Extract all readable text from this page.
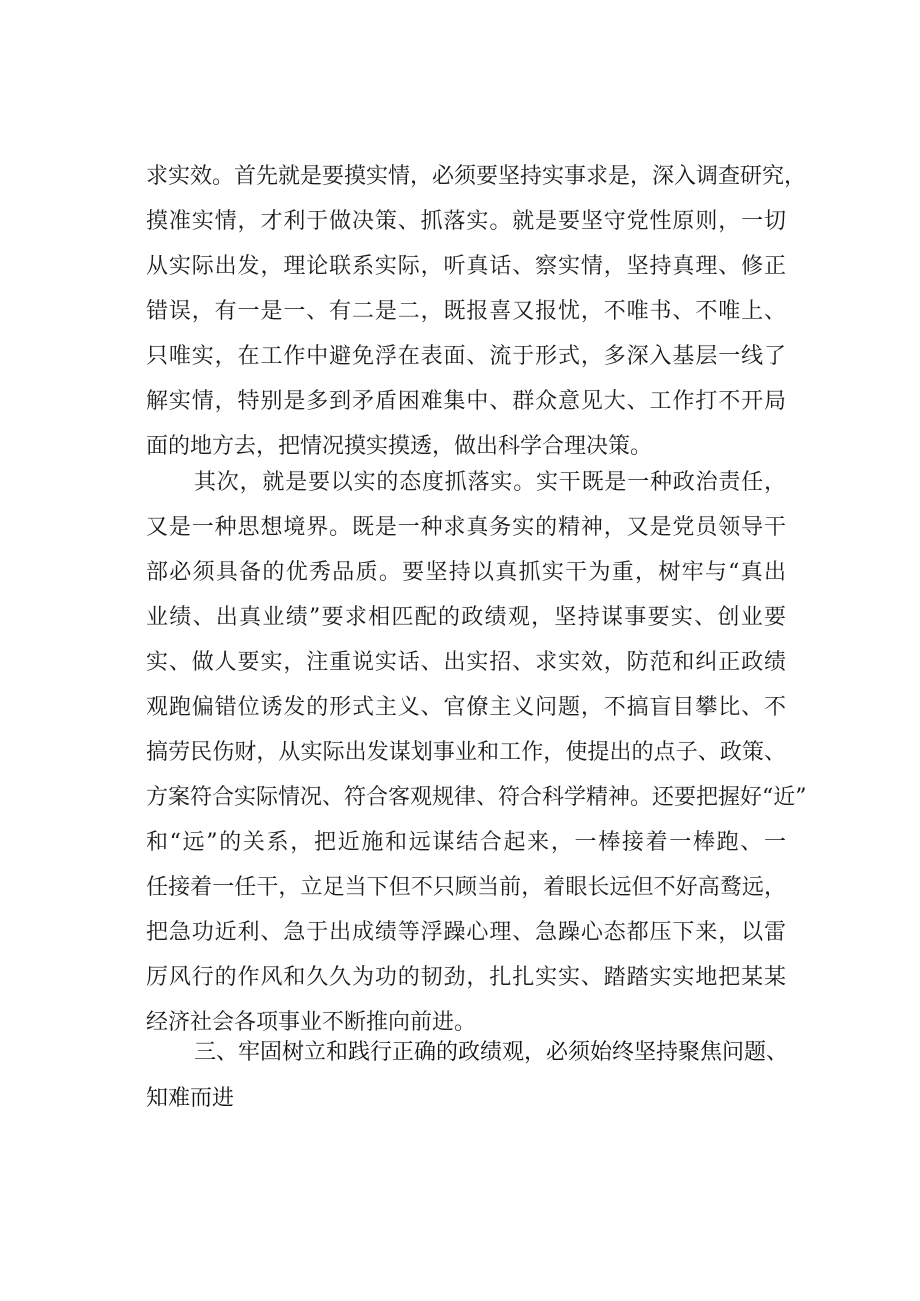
求实效。首先就是要摸实情，必须要坚持实事求是，深入调查研究，
摸准实情，才利于做决策、抓落实。就是要坚守党性原则，一切
从实际出发，理论联系实际，听真话、察实情，坚持真理、修正
错误，有一是一、有二是二，既报喜又报忧，不唯书、不唯上、
只唯实，在工作中避免浮在表面、流于形式，多深入基层一线了
解实情，特别是多到矛盾困难集中、群众意见大、工作打不开局
面的地方去，把情况摸实摸透，做出科学合理决策。
其次，就是要以实的态度抓落实。实干既是一种政治责任，
又是一种思想境界。既是一种求真务实的精神，又是党员领导干
部必须具备的优秀品质。要坚持以真抓实干为重，树牢与“真出
业绩、出真业绩”要求相匹配的政绩观，坚持谋事要实、创业要
实、做人要实，注重说实话、出实招、求实效，防范和纠正政绩
观跑偏错位诱发的形式主义、官僚主义问题，不搞盲目攀比、不
搞劳民伤财，从实际出发谋划事业和工作，使提出的点子、政策、
方案符合实际情况、符合客观规律、符合科学精神。还要把握好“近”
和“远”的关系，把近施和远谋结合起来，一棒接着一棒跑、一
任接着一任干，立足当下但不只顾当前，着眼长远但不好高鹜远，
把急功近利、急于出成绩等浮躁心理、急躁心态都压下来，以雷
厉风行的作风和久久为功的韧劲，扎扎实实、踏踏实实地把某某
经济社会各项事业不断推向前进。
三、牢固树立和践行正确的政绩观，必须始终坚持聚焦问题、
知难而进
